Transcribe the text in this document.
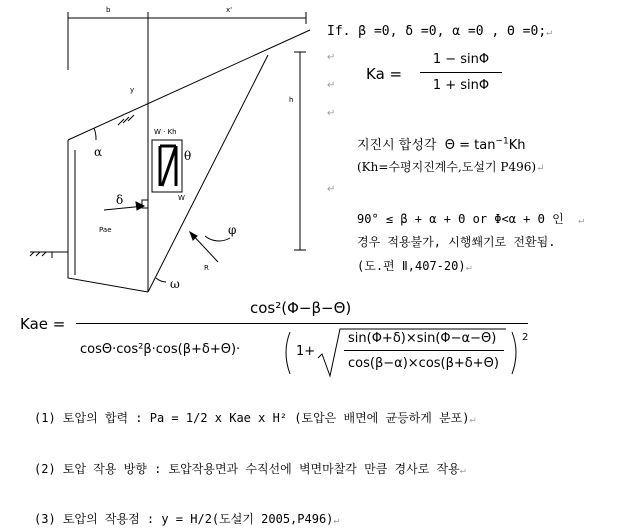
b	x'
h
α
δ
φ
ω
θ
W · Kh
Pae
R
W
y
If. β =0, δ =0, α =0 , Θ =0;↵
↵
↵
↵
Ka =
1 − sinΦ
1 + sinΦ
지진시 합성각 $\Theta = \tan^{-1}Kh$
(Kh=수평지진계수,도설기 P496)↵
↵
90° ≤ β + α + Θ or Φ<α + Θ 인 ↵
경우 적용불가, 시행쐐기로 전환됨.
(도.편 Ⅱ,407-20)↵
Kae =
cos²(Φ−β−Θ)
cosΘ·cos²β·cos(β+δ+Θ)·	1+
sin(Φ+δ)×sin(Φ−α−Θ)
cos(β−α)×cos(β+δ+Θ)
2
(1) 토압의 합력 : Pa = 1/2 x Kae x H² (토압은 배면에 균등하게 분포)↵
(2) 토압 작용 방향 : 토압작용면과 수직선에 벽면마찰각 만큼 경사로 작용↵
(3) 토압의 작용점 : y = H/2(도설기 2005,P496)↵
